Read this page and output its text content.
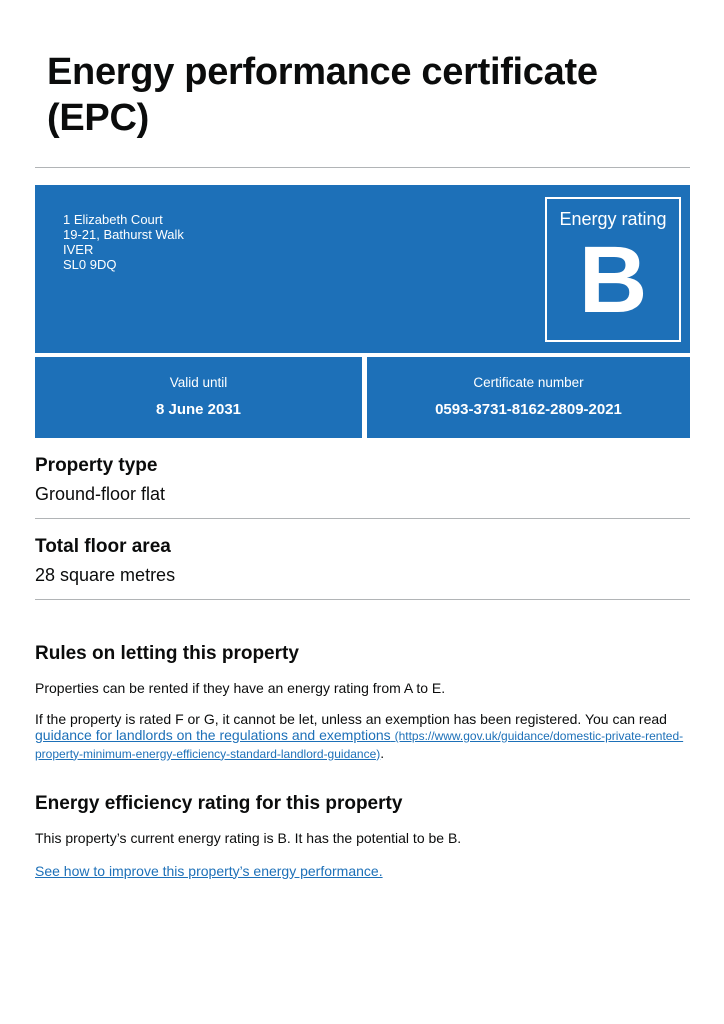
Energy performance certificate (EPC)
1 Elizabeth Court
19-21, Bathurst Walk
IVER
SL0 9DQ
Energy rating
B
Valid until
8 June 2031
Certificate number
0593-3731-8162-2809-2021
Property type
Ground-floor flat
Total floor area
28 square metres
Rules on letting this property

Properties can be rented if they have an energy rating from A to E.

If the property is rated F or G, it cannot be let, unless an exemption has been registered. You can read guidance for landlords on the regulations and exemptions (https://www.gov.uk/guidance/domestic-private-rented-property-minimum-energy-efficiency-standard-landlord-guidance).

Energy efficiency rating for this property

This property’s current energy rating is B. It has the potential to be B.

See how to improve this property’s energy performance.
